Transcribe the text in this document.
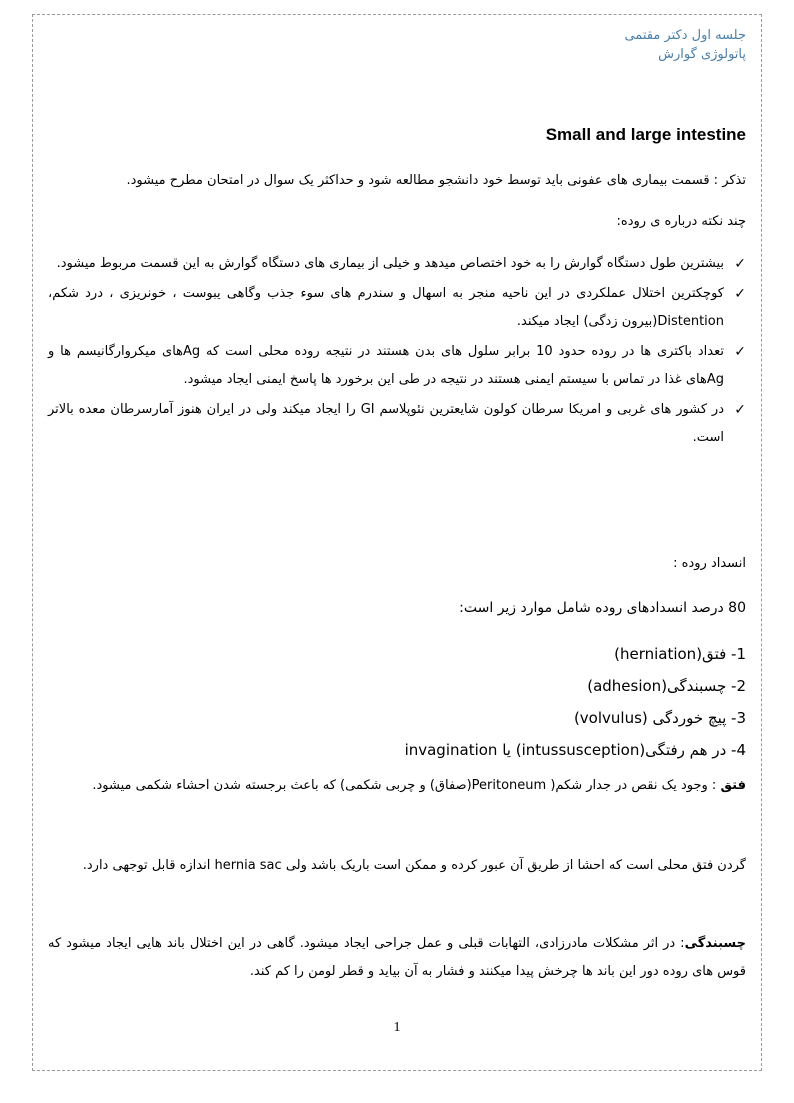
جلسه اول دکتر مقتمی
پاتولوژی گوارش
Small and large intestine
تذکر : قسمت بیماری های عفونی باید توسط خود دانشجو مطالعه شود و حداکثر یک سوال در امتحان مطرح میشود.
چند نکته درباره ی روده:
✓
بیشترین طول دستگاه گوارش را به خود اختصاص میدهد و خیلی از بیماری های دستگاه گوارش به این قسمت مربوط میشود.
✓
کوچکترین اختلال عملکردی در این ناحیه منجر به اسهال و سندرم های سوء جذب وگاهی یبوست ، خونریزی ، درد شکم، Distention(بیرون زدگی) ایجاد میکند.
✓
تعداد باکتری ها در روده حدود 10 برابر سلول های بدن هستند در نتیجه روده محلی است که Agهای میکروارگانیسم ها و Agهای غذا در تماس با سیستم ایمنی هستند در نتیجه در طی این برخورد ها پاسخ ایمنی ایجاد میشود.
✓
در کشور های غربی و امریکا سرطان کولون شایعترین نئوپلاسم GI را ایجاد میکند ولی در ایران هنوز آمارسرطان معده بالاتر است.
انسداد روده :
80 درصد انسدادهای روده شامل موارد زیر است:
1- فتق(herniation)
2- چسبندگی(adhesion)
3- پیچ خوردگی (volvulus)
4- در هم رفتگی(intussusception) یا invagination
فتق : وجود یک نقص در جدار شکم( Peritoneum(صفاق) و چربی شکمی) که باعث برجسته شدن احشاء شکمی میشود.
گردن فتق محلی است که احشا از طریق آن عبور کرده و ممکن است باریک باشد ولی hernia sac اندازه قابل توجهی دارد.
چسبندگی: در اثر مشکلات مادرزادی، التهابات قبلی و عمل جراحی ایجاد میشود. گاهی در این اختلال باند هایی ایجاد میشود که قوس های روده دور این باند ها چرخش پیدا میکنند و فشار به آن بیاید و قطر لومن را کم کند.
1
